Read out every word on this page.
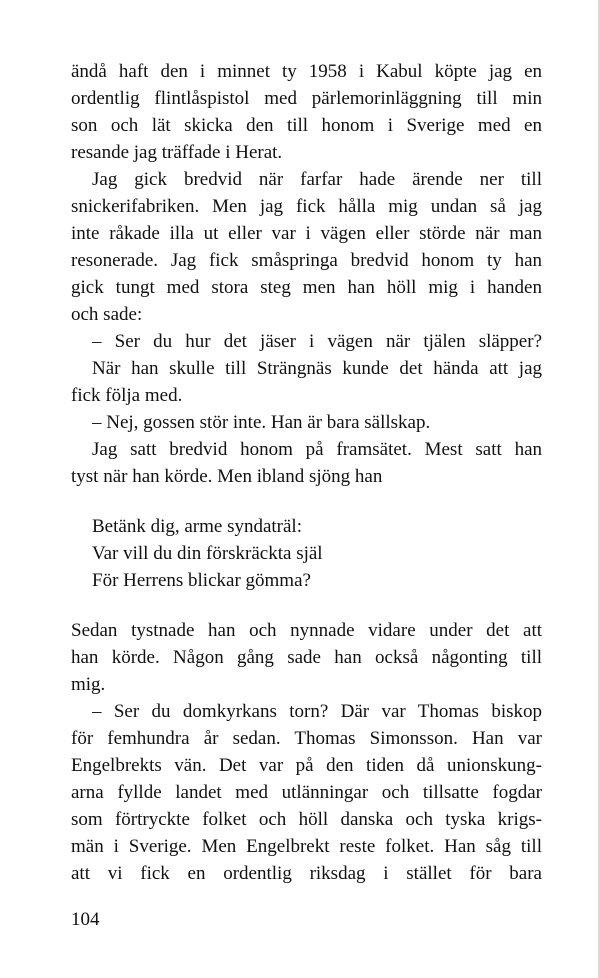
ändå haft den i minnet ty 1958 i Kabul köpte jag en
ordentlig flintlåspistol med pärlemorinläggning till min
son och lät skicka den till honom i Sverige med en
resande jag träffade i Herat.
Jag gick bredvid när farfar hade ärende ner till
snickerifabriken. Men jag fick hålla mig undan så jag
inte råkade illa ut eller var i vägen eller störde när man
resonerade. Jag fick småspringa bredvid honom ty han
gick tungt med stora steg men han höll mig i handen
och sade:
– Ser du hur det jäser i vägen när tjälen släpper?
När han skulle till Strängnäs kunde det hända att jag
fick följa med.
– Nej, gossen stör inte. Han är bara sällskap.
Jag satt bredvid honom på framsätet. Mest satt han
tyst när han körde. Men ibland sjöng han
Betänk dig, arme syndaträl:
Var vill du din förskräckta själ
För Herrens blickar gömma?
Sedan tystnade han och nynnade vidare under det att
han körde. Någon gång sade han också någonting till
mig.
– Ser du domkyrkans torn? Där var Thomas biskop
för femhundra år sedan. Thomas Simonsson. Han var
Engelbrekts vän. Det var på den tiden då unionskung-
arna fyllde landet med utlänningar och tillsatte fogdar
som förtryckte folket och höll danska och tyska krigs-
män i Sverige. Men Engelbrekt reste folket. Han såg till
att vi fick en ordentlig riksdag i stället för bara
104
